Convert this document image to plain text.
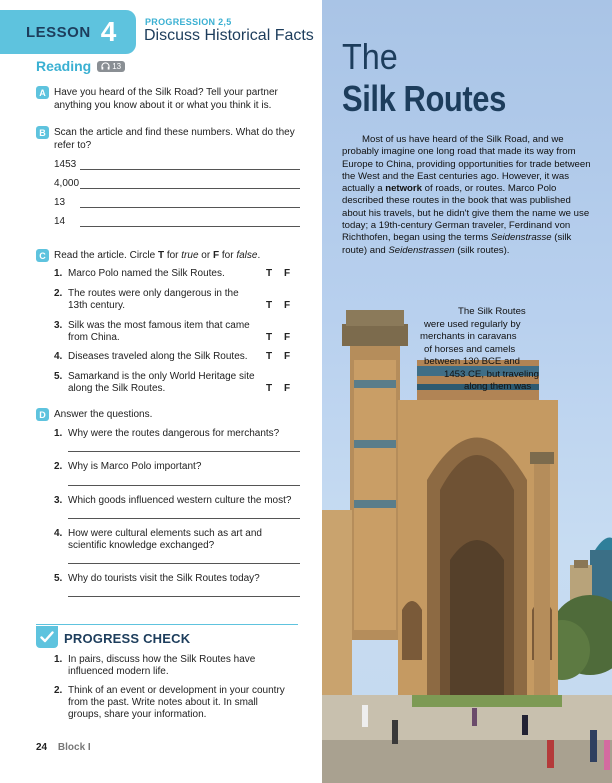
LESSON 4	PROGRESSION 2,5
Discuss Historical Facts
Reading	13
A Have you heard of the Silk Road? Tell your partner anything you know about it or what you think it is.
B Scan the article and find these numbers. What do they refer to?
1453
4,000
13
14
C Read the article. Circle T for true or F for false.
1. Marco Polo named the Silk Routes.	T F
2. The routes were only dangerous in the 13th century.	T F
3. Silk was the most famous item that came from China.	T F
4. Diseases traveled along the Silk Routes.	T F
5. Samarkand is the only World Heritage site along the Silk Routes.	T F
D Answer the questions.
1. Why were the routes dangerous for merchants?
2. Why is Marco Polo important?
3. Which goods influenced western culture the most?
4. How were cultural elements such as art and scientific knowledge exchanged?
5. Why do tourists visit the Silk Routes today?
PROGRESS CHECK
1. In pairs, discuss how the Silk Routes have influenced modern life.
2. Think of an event or development in your country from the past. Write notes about it. In small groups, share your information.
24 Block I
The
Silk Routes
Most of us have heard of the Silk Road, and we probably imagine one long road that made its way from Europe to China, providing opportunities for trade between the West and the East centuries ago. However, it was actually a network of roads, or routes. Marco Polo described these routes in the book that was published about his travels, but he didn't give them the name we use today; a 19th-century German traveler, Ferdinand von Richthofen, began using the terms Seidenstrasse (silk route) and Seidenstrassen (silk routes).
The Silk Routes
were used regularly by
merchants in caravans
of horses and camels
between 130 BCE and
1453 CE, but traveling
along them was
